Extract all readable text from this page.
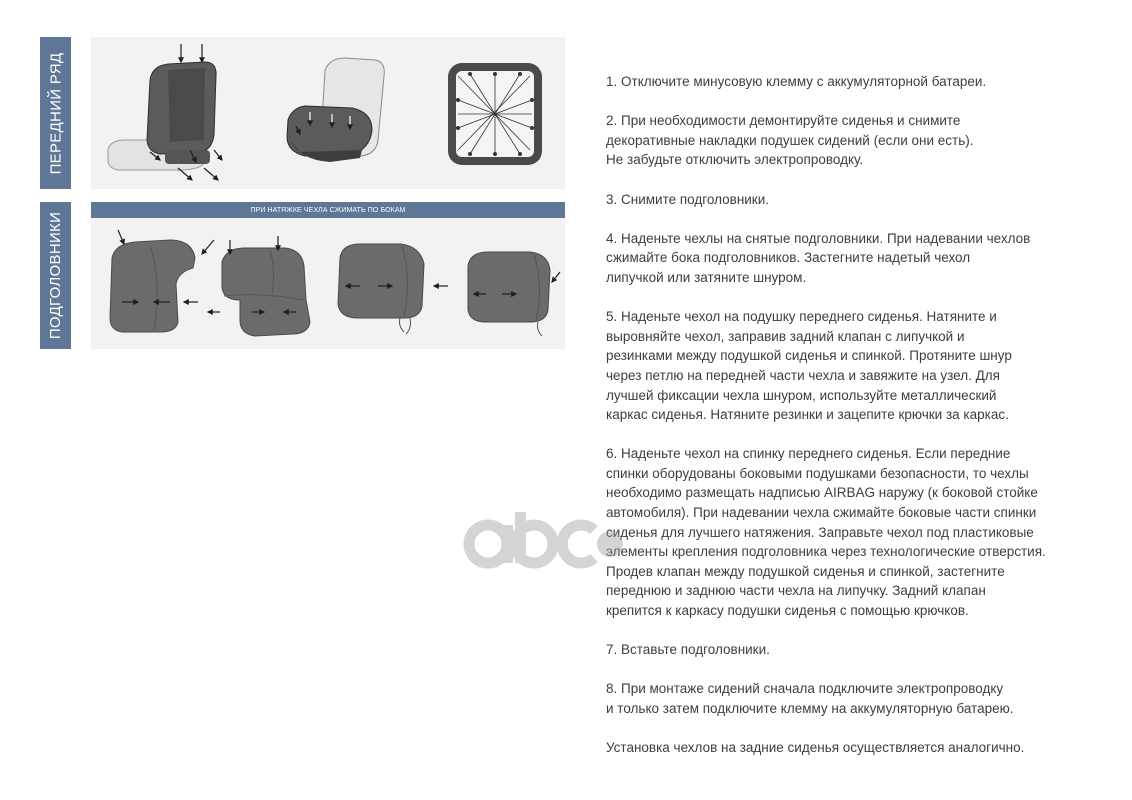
ПЕРЕДНИЙ РЯД
ПОДГОЛОВНИКИ
ПРИ НАТЯЖКЕ ЧЕХЛА СЖИМАТЬ ПО БОКАМ
1. Отключите минусовую клемму с аккумуляторной батареи.
2. При необходимости демонтируйте сиденья и снимите
декоративные накладки подушек сидений (если они есть).
Не забудьте отключить электропроводку.
3. Снимите подголовники.
4. Наденьте чехлы на снятые подголовники. При надевании чехлов
сжимайте бока подголовников. Застегните надетый чехол
липучкой или затяните шнуром.
5. Наденьте чехол на подушку переднего сиденья. Натяните и
выровняйте чехол, заправив задний клапан с липучкой и
резинками между подушкой сиденья и спинкой. Протяните шнур
через петлю на передней части чехла и завяжите на узел. Для
лучшей фиксации чехла шнуром, используйте металлический
каркас сиденья. Натяните резинки и зацепите крючки за каркас.
6. Наденьте чехол на спинку переднего сиденья. Если передние
спинки оборудованы боковыми подушками безопасности, то чехлы
необходимо размещать надписью AIRBAG наружу (к боковой стойке
автомобиля). При надевании чехла сжимайте боковые части спинки
сиденья для лучшего натяжения. Заправьте чехол под пластиковые
элементы крепления подголовника через технологические отверстия.
Продев клапан между подушкой сиденья и спинкой, застегните
переднюю и заднюю части чехла на липучку. Задний клапан
крепится к каркасу подушки сиденья с помощью крючков.
7. Вставьте подголовники.
8. При монтаже сидений сначала подключите электропроводку
и только затем подключите клемму на аккумуляторную батарею.
Установка чехлов на задние сиденья осуществляется аналогично.
